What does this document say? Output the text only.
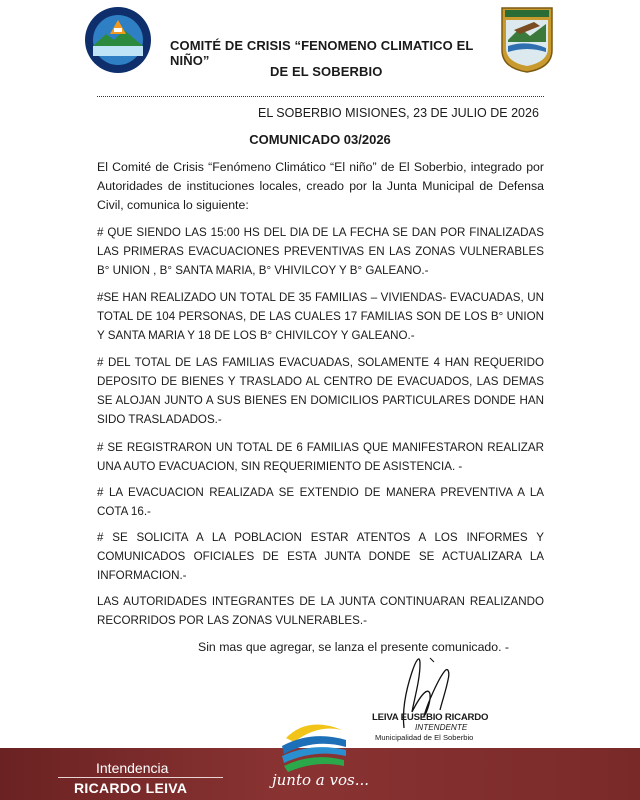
COMITÉ DE CRISIS “FENOMENO CLIMATICO EL NIÑO”
DE EL SOBERBIO
EL SOBERBIO MISIONES, 23 DE JULIO DE 2026
COMUNICADO 03/2026
El Comité de Crisis “Fenómeno Climático “El niño” de El Soberbio, integrado por Autoridades de instituciones locales, creado por la Junta Municipal de Defensa Civil, comunica lo siguiente:
# QUE SIENDO LAS 15:00 HS DEL DIA DE LA FECHA SE DAN POR FINALIZADAS LAS PRIMERAS EVACUACIONES PREVENTIVAS EN LAS ZONAS VULNERABLES B° UNION , B° SANTA MARIA, B° VHIVILCOY Y B° GALEANO.-
#SE HAN REALIZADO UN TOTAL DE 35 FAMILIAS – VIVIENDAS- EVACUADAS, UN TOTAL DE 104 PERSONAS, DE LAS CUALES 17 FAMILIAS SON DE LOS B° UNION Y SANTA MARIA Y 18 DE LOS B° CHIVILCOY Y GALEANO.-
# DEL TOTAL DE LAS FAMILIAS EVACUADAS, SOLAMENTE 4 HAN REQUERIDO DEPOSITO DE BIENES Y TRASLADO AL CENTRO DE EVACUADOS, LAS DEMAS SE ALOJAN JUNTO A SUS BIENES EN DOMICILIOS PARTICULARES DONDE HAN SIDO TRASLADADOS.-
# SE REGISTRARON UN TOTAL DE 6 FAMILIAS QUE MANIFESTARON REALIZAR UNA AUTO EVACUACION, SIN REQUERIMIENTO DE ASISTENCIA. -
# LA EVACUACION REALIZADA SE EXTENDIO DE MANERA PREVENTIVA A LA COTA 16.-
# SE SOLICITA A LA POBLACION ESTAR ATENTOS A LOS INFORMES Y COMUNICADOS OFICIALES DE ESTA JUNTA DONDE SE ACTUALIZARA LA INFORMACION.-
LAS AUTORIDADES INTEGRANTES DE LA JUNTA CONTINUARAN REALIZANDO RECORRIDOS POR LAS ZONAS VULNERABLES.-
Sin mas que agregar, se lanza el presente comunicado. -
LEIVA EUSEBIO RICARDO
INTENDENTE
Municipalidad de El Soberbio
Intendencia
RICARDO LEIVA	junto a vos...
